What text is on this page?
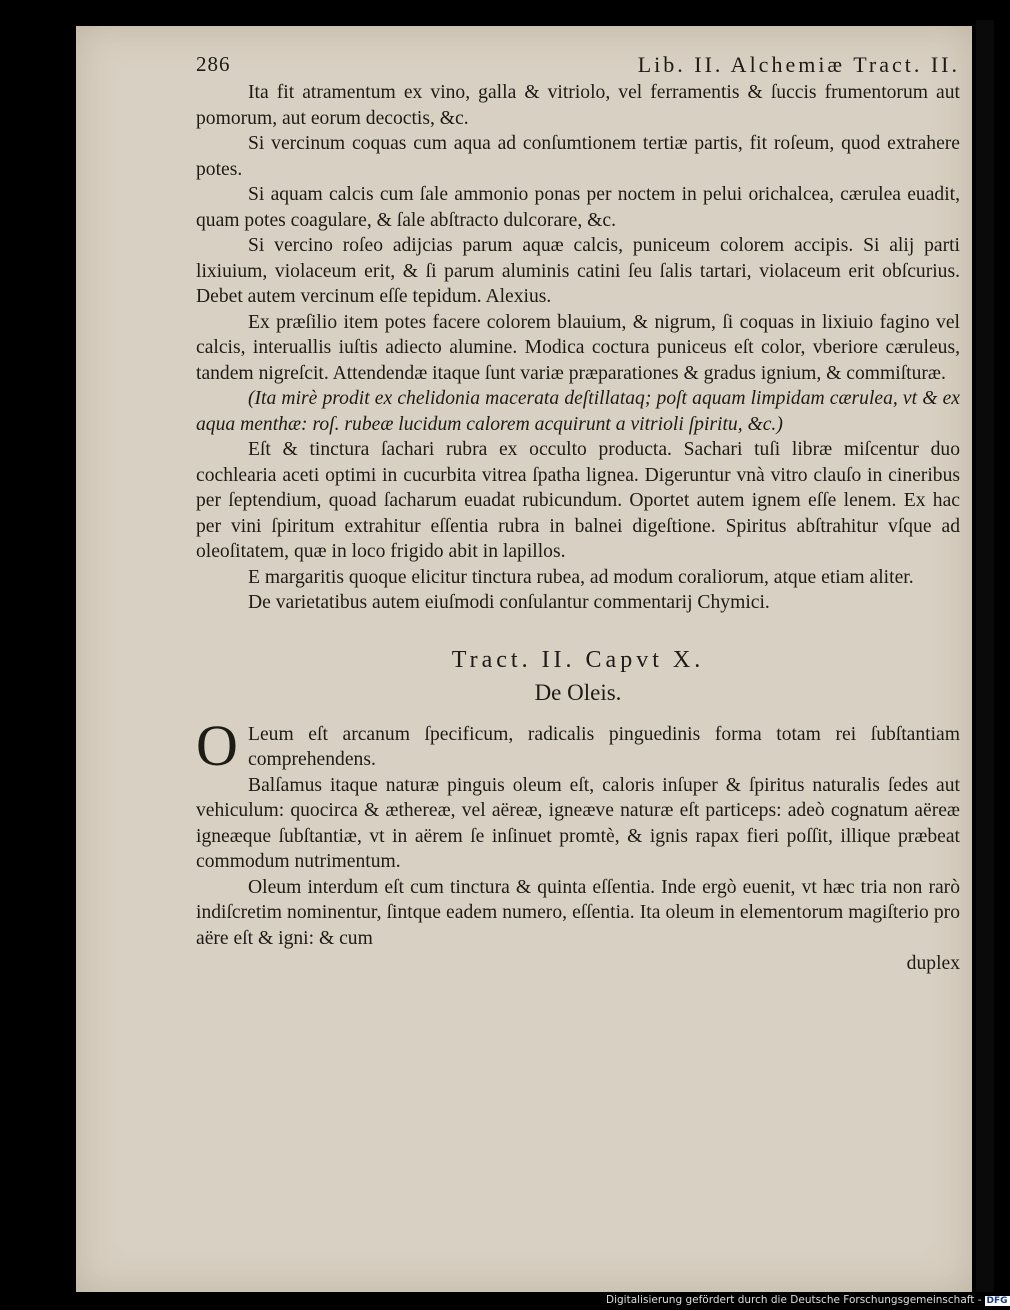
286	Lib. II. Alchemiæ Tract. II.

Ita fit atramentum ex vino, galla & vitriolo, vel ferramentis & ſuccis frumentorum aut pomorum, aut eorum decoctis, &c.

Si vercinum coquas cum aqua ad conſumtionem tertiæ partis, fit roſeum, quod extrahere potes.

Si aquam calcis cum ſale ammonio ponas per noctem in pelui orichalcea, cærulea euadit, quam potes coagulare, & ſale abſtracto dulcorare, &c.

Si vercino roſeo adijcias parum aquæ calcis, puniceum colorem accipis. Si alij parti lixiuium, violaceum erit, & ſi parum aluminis catini ſeu ſalis tartari, violaceum erit obſcurius. Debet autem vercinum eſſe tepidum. Alexius.

Ex præſilio item potes facere colorem blauium, & nigrum, ſi coquas in lixiuio fagino vel calcis, interuallis iuſtis adiecto alumine. Modica coctura puniceus eſt color, vberiore cæruleus, tandem nigreſcit. Attendendæ itaque ſunt variæ præparationes & gradus ignium, & commiſturæ.

(Ita mirè prodit ex chelidonia macerata deſtillataq; poſt aquam limpidam cærulea, vt & ex aqua menthæ: roſ. rubeæ lucidum calorem acquirunt a vitrioli ſpiritu, &c.)

Eſt & tinctura ſachari rubra ex occulto producta. Sachari tuſi libræ miſcentur duo cochlearia aceti optimi in cucurbita vitrea ſpatha lignea. Digeruntur vnà vitro clauſo in cineribus per ſeptendium, quoad ſacharum euadat rubicundum. Oportet autem ignem eſſe lenem. Ex hac per vini ſpiritum extrahitur eſſentia rubra in balnei digeſtione. Spiritus abſtrahitur vſque ad oleoſitatem, quæ in loco frigido abit in lapillos.

E margaritis quoque elicitur tinctura rubea, ad modum coraliorum, atque etiam aliter.

De varietatibus autem eiuſmodi conſulantur commentarij Chymici.

Tract. II. Capvt X.
De Oleis.
O Leum eſt arcanum ſpecificum, radicalis pinguedinis forma totam rei ſubſtantiam comprehendens.

Balſamus itaque naturæ pinguis oleum eſt, caloris inſuper & ſpiritus naturalis ſedes aut vehiculum: quocirca & æthereæ, vel aëreæ, igneæve naturæ eſt particeps: adeò cognatum aëreæ igneæque ſubſtantiæ, vt in aërem ſe inſinuet promtè, & ignis rapax fieri poſſit, illique præbeat commodum nutrimentum.

Oleum interdum eſt cum tinctura & quinta eſſentia. Inde ergò euenit, vt hæc tria non rarò indiſcretim nominentur, ſintque eadem numero, eſſentia. Ita oleum in elementorum magiſterio pro aëre eſt & igni: & cum

duplex
Digitalisierung gefördert durch die Deutsche Forschungsgemeinschaft - DFG
